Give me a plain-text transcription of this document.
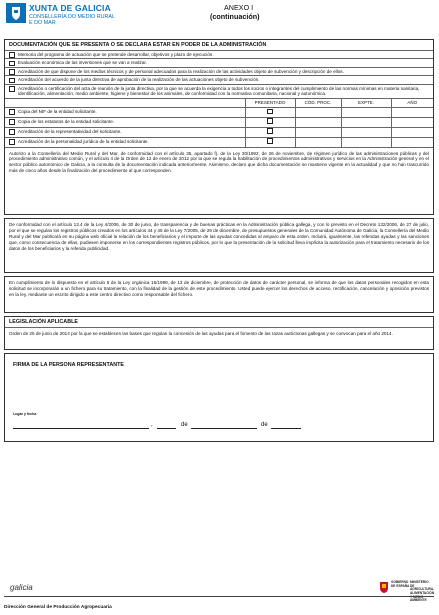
XUNTA DE GALICIA
CONSELLERÍA DO MEDIO RURAL
E DO MAR
ANEXO I
(continuación)
DOCUMENTACIÓN QUE SE PRESENTA O SE DECLARA ESTAR EN PODER DE LA ADMINISTRACIÓN
Memoria del programa de actuación que se pretende desarrollar, objetivos y plazo de ejecución.
Evaluación económica de las inversiones que se van a realizar.
Acreditación de que dispone de los medios técnicos y de personal adecuados para la realización de las actividades objeto de subvención y descripción de ellos.
Acreditación del acuerdo de la junta directiva de aprobación de la realización de las actuaciones objeto de subvención.
Acreditación o certificación del acta de reunión de la junta directiva, por la que se acuerda la exigencia a todos los socios o integrantes del cumplimiento de las normas mínimas en materia sanitaria, identificación, alimentación, medio ambiente, higiene y bienestar de los animales, de conformidad con la normativa comunitaria, nacional y autonómica.
	PRESENTADO	CÓD. PROC.	EXPTE.	AÑO

Copia del NIF de la entidad solicitante.				

Copia de los estatutos de la entidad solicitante.				

Acreditación de la representatividad del solicitante.				

Acreditación de la personalidad jurídica de la entidad solicitante.				
Autorizo a la Consellería del Medio Rural y del Mar, de conformidad con el artículo 35, apartado f), de la Ley 30/1992, de 26 de noviembre, de régimen jurídico de las administraciones públicas y del procedimiento administrativo común, y el artículo 4 de la Orden de 12 de enero de 2012 por la que se regula la habilitación de procedimientos administrativos y servicios en la Administración general y en el sector público autonómico de Galicia, a la consulta de la documentación indicada anteriormente. Asimismo, declaro que dicha documentación se mantiene vigente en la actualidad y que no han trascurrido más de cinco años desde la finalización del procedimiento al que corresponden.
De conformidad con el artículo 13.4 de la Ley 4/2006, de 30 de junio, de transparencia y de buenas prácticas en la Administración pública gallega, y con lo previsto en el Decreto 132/2006, de 27 de julio, por el que se regulan los registros públicos creados en los artículos 44 y 45 de la Ley 7/2005, de 29 de diciembre, de presupuestos generales de la Comunidad Autónoma de Galicia, la Consellería del Medio Rural y del Mar publicará en su página web oficial la relación de los beneficiarios y el importe de las ayudas concedidas al amparo de esta orden. Incluirá, igualmente, las referidas ayudas y las sanciones que, como consecuencia de ellas, pudiesen imponerse en los correspondientes registros públicos, por lo que la presentación de la solicitud lleva implícita la autorización para el tratamiento necesario de los datos de los beneficiarios y la referida publicidad.
En cumplimiento de lo dispuesto en el artículo 5 de la Ley orgánica 15/1999, de 13 de diciembre, de protección de datos de carácter personal, se informa de que los datos personales recogidos en esta solicitud se incorporarán a un fichero para su tratamiento, con la finalidad de la gestión de este procedimiento. Usted puede ejercer los derechos de acceso, rectificación, cancelación y oposición previstos en la ley, mediante un escrito dirigido a este centro directivo como responsable del fichero.
LEGISLACIÓN APLICABLE
Orden de 25 de junio de 2014 por la que se establecen las bases que regulan la concesión de las ayudas para el fomento de las razas autóctonas gallegas y se convocan para el año 2014.
FIRMA DE LA PERSONA REPRESENTANTE
Lugar y fecha
,	de	de
galicia
GOBIERNO
DE ESPAÑA
MINISTERIO
DE AGRICULTURA,
ALIMENTACIÓN
Y MEDIO AMBIENTE
Dirección General de Producción Agropecuaria
